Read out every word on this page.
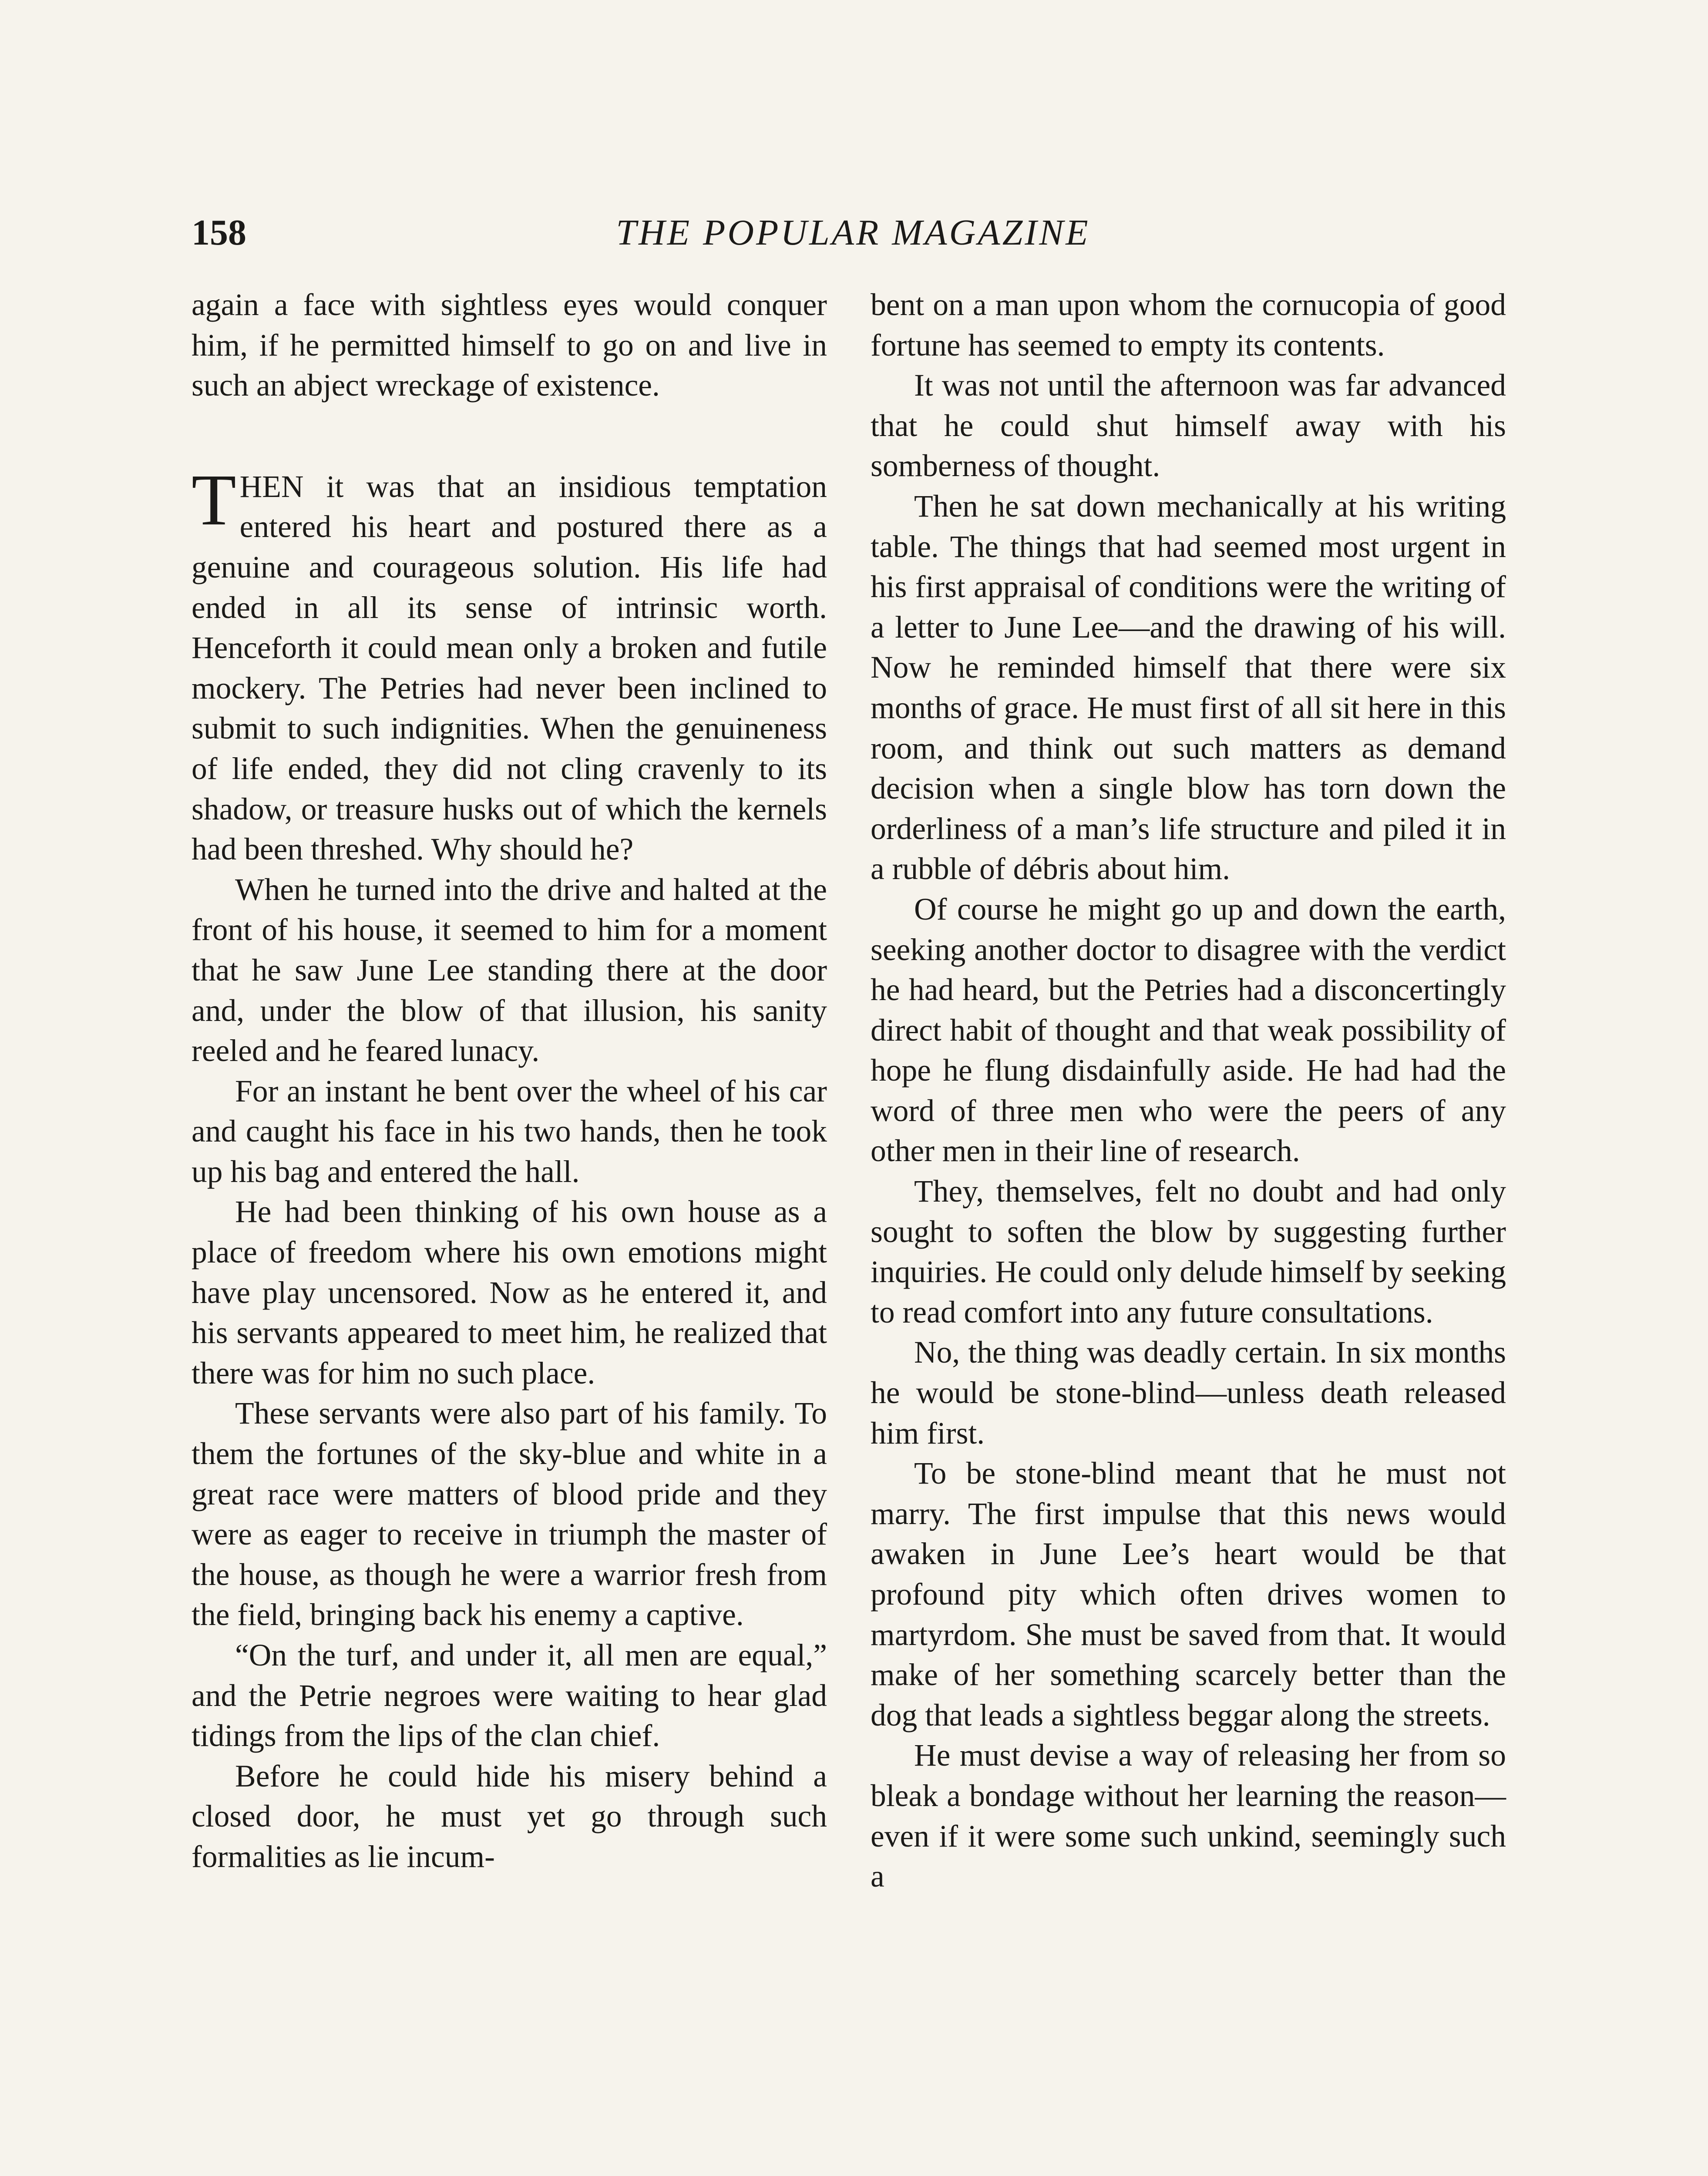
158	THE POPULAR MAGAZINE

again a face with sightless eyes would conquer him, if he permitted himself to go on and live in such an abject wreckage of existence.

THEN it was that an insidious temptation entered his heart and postured there as a genuine and courageous solution. His life had ended in all its sense of intrinsic worth. Henceforth it could mean only a broken and futile mockery. The Petries had never been inclined to submit to such indignities. When the genuineness of life ended, they did not cling cravenly to its shadow, or treasure husks out of which the kernels had been threshed. Why should he?

When he turned into the drive and halted at the front of his house, it seemed to him for a moment that he saw June Lee standing there at the door and, under the blow of that illusion, his sanity reeled and he feared lunacy.

For an instant he bent over the wheel of his car and caught his face in his two hands, then he took up his bag and entered the hall.

He had been thinking of his own house as a place of freedom where his own emotions might have play uncensored. Now as he entered it, and his servants appeared to meet him, he realized that there was for him no such place.

These servants were also part of his family. To them the fortunes of the sky-blue and white in a great race were matters of blood pride and they were as eager to receive in triumph the master of the house, as though he were a warrior fresh from the field, bringing back his enemy a captive.

“On the turf, and under it, all men are equal,” and the Petrie negroes were waiting to hear glad tidings from the lips of the clan chief.

Before he could hide his misery behind a closed door, he must yet go through such formalities as lie incum-

bent on a man upon whom the cornucopia of good fortune has seemed to empty its contents.

It was not until the afternoon was far advanced that he could shut himself away with his somberness of thought.

Then he sat down mechanically at his writing table. The things that had seemed most urgent in his first appraisal of conditions were the writing of a letter to June Lee—and the drawing of his will. Now he reminded himself that there were six months of grace. He must first of all sit here in this room, and think out such matters as demand decision when a single blow has torn down the orderliness of a man’s life structure and piled it in a rubble of débris about him.

Of course he might go up and down the earth, seeking another doctor to disagree with the verdict he had heard, but the Petries had a disconcertingly direct habit of thought and that weak possibility of hope he flung disdainfully aside. He had had the word of three men who were the peers of any other men in their line of research.

They, themselves, felt no doubt and had only sought to soften the blow by suggesting further inquiries. He could only delude himself by seeking to read comfort into any future consultations.

No, the thing was deadly certain. In six months he would be stone-blind—unless death released him first.

To be stone-blind meant that he must not marry. The first impulse that this news would awaken in June Lee’s heart would be that profound pity which often drives women to martyrdom. She must be saved from that. It would make of her something scarcely better than the dog that leads a sightless beggar along the streets.

He must devise a way of releasing her from so bleak a bondage without her learning the reason—even if it were some such unkind, seemingly such a
